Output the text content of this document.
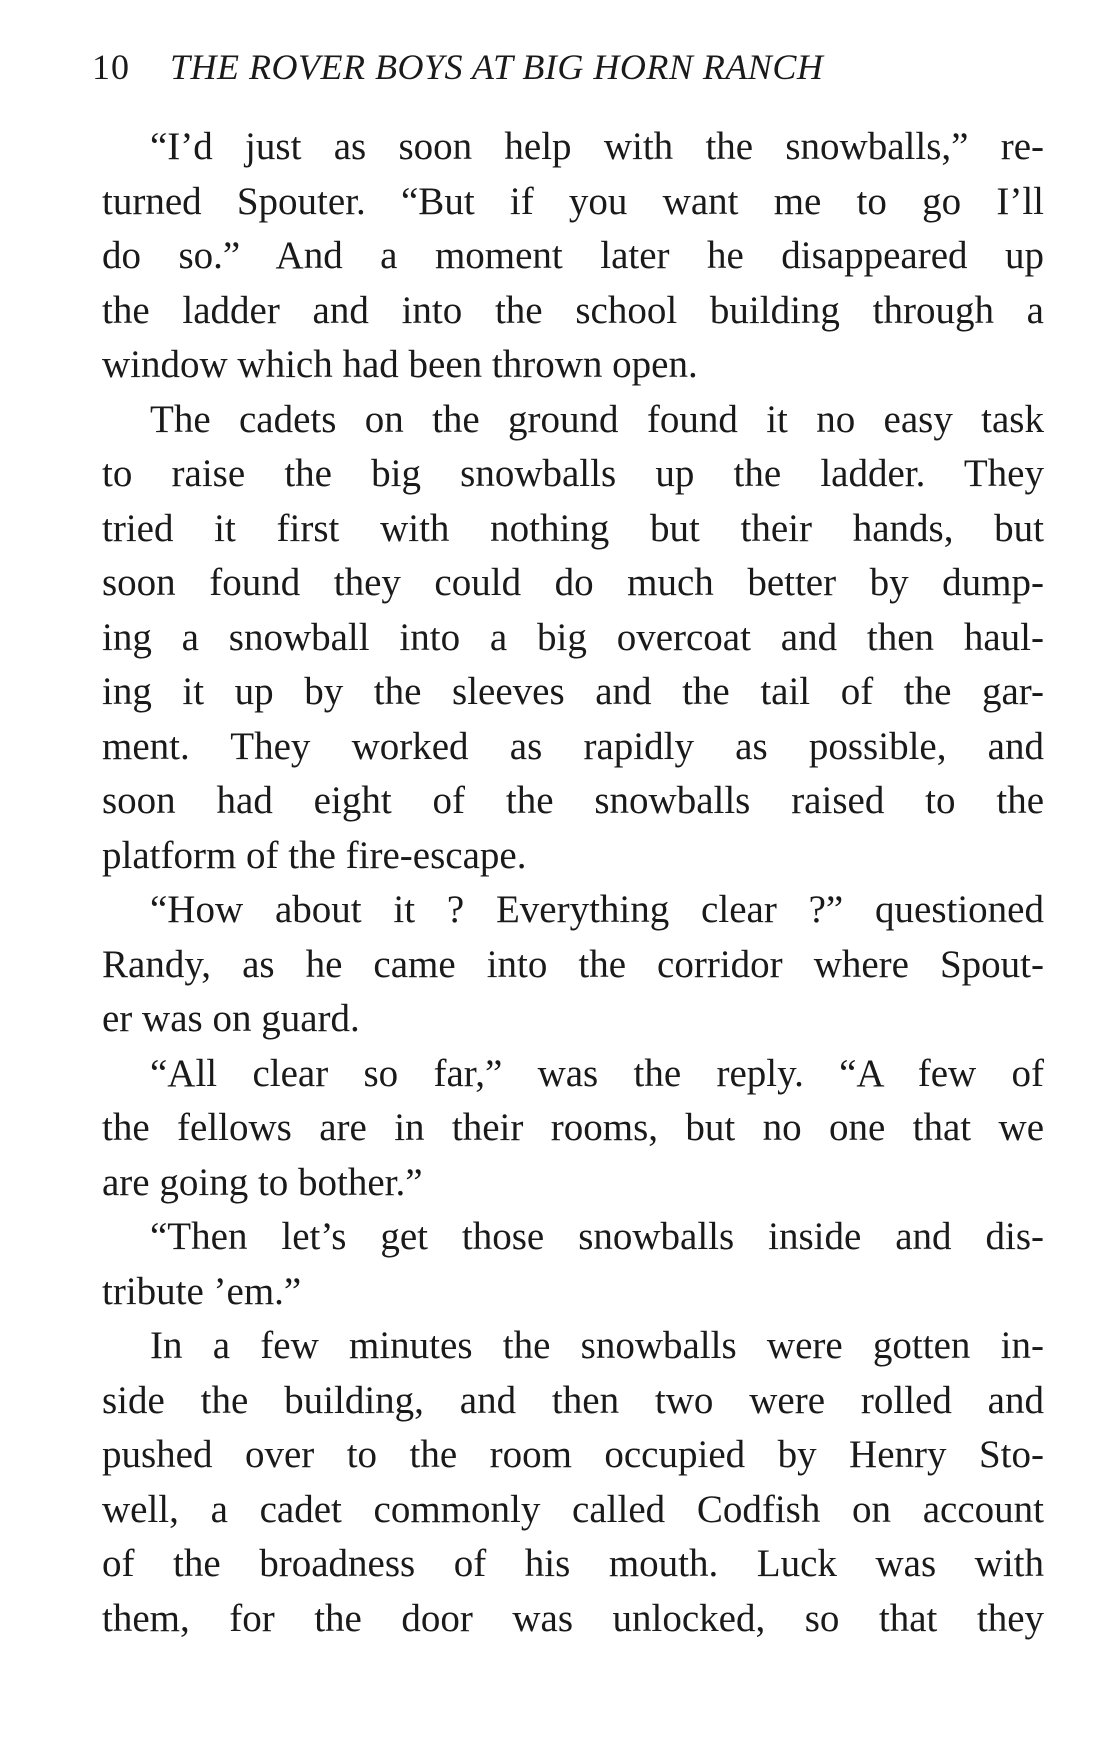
10 THE ROVER BOYS AT BIG HORN RANCH
“I’d just as soon help with the snowballs,” re-
turned Spouter. “But if you want me to go I’ll
do so.” And a moment later he disappeared up
the ladder and into the school building through a
window which had been thrown open.
The cadets on the ground found it no easy task
to raise the big snowballs up the ladder. They
tried it first with nothing but their hands, but
soon found they could do much better by dump-
ing a snowball into a big overcoat and then haul-
ing it up by the sleeves and the tail of the gar-
ment. They worked as rapidly as possible, and
soon had eight of the snowballs raised to the
platform of the fire-escape.
“How about it ? Everything clear ?” questioned
Randy, as he came into the corridor where Spout-
er was on guard.
“All clear so far,” was the reply. “A few of
the fellows are in their rooms, but no one that we
are going to bother.”
“Then let’s get those snowballs inside and dis-
tribute ’em.”
In a few minutes the snowballs were gotten in-
side the building, and then two were rolled and
pushed over to the room occupied by Henry Sto-
well, a cadet commonly called Codfish on account
of the broadness of his mouth. Luck was with
them, for the door was unlocked, so that they
